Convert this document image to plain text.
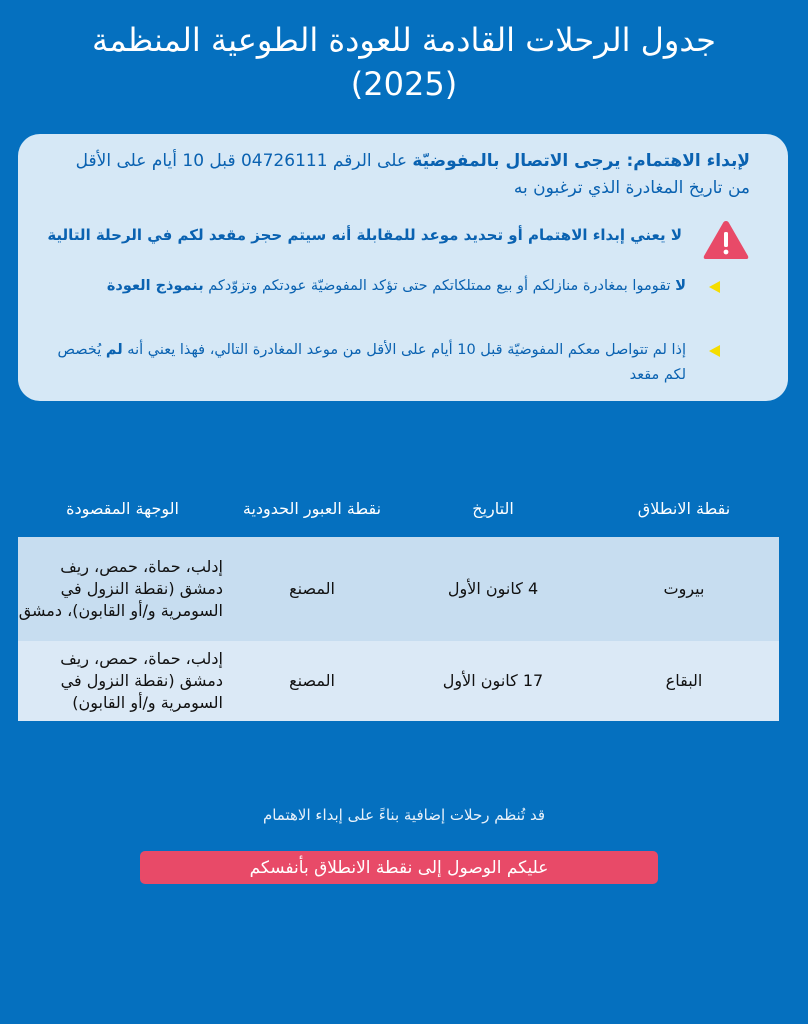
جدول الرحلات القادمة للعودة الطوعية المنظمة
(2025)
لإبداء الاهتمام: يرجى الاتصال بالمفوضيّة على الرقم 04726111 قبل 10 أيام على الأقل من تاريخ المغادرة الذي ترغبون به
لا يعني إبداء الاهتمام أو تحديد موعد للمقابلة أنه سيتم حجز مقعد لكم في الرحلة التالية
لا تقوموا بمغادرة منازلكم أو بيع ممتلكاتكم حتى تؤكد المفوضيّة عودتكم وتزوّدكم بنموذج العودة
إذا لم تتواصل معكم المفوضيّة قبل 10 أيام على الأقل من موعد المغادرة التالي، فهذا يعني أنه لم يُخصص لكم مقعد
نقطة الانطلاق
التاريخ
نقطة العبور الحدودية
الوجهة المقصودة
بيروت
4 كانون الأول
المصنع
إدلب، حماة، حمص، ريف دمشق (نقطة النزول في السومرية و/أو القابون)، دمشق
البقاع
17 كانون الأول
المصنع
إدلب، حماة، حمص، ريف دمشق (نقطة النزول في السومرية و/أو القابون)
قد تُنظم رحلات إضافية بناءً على إبداء الاهتمام
عليكم الوصول إلى نقطة الانطلاق بأنفسكم
